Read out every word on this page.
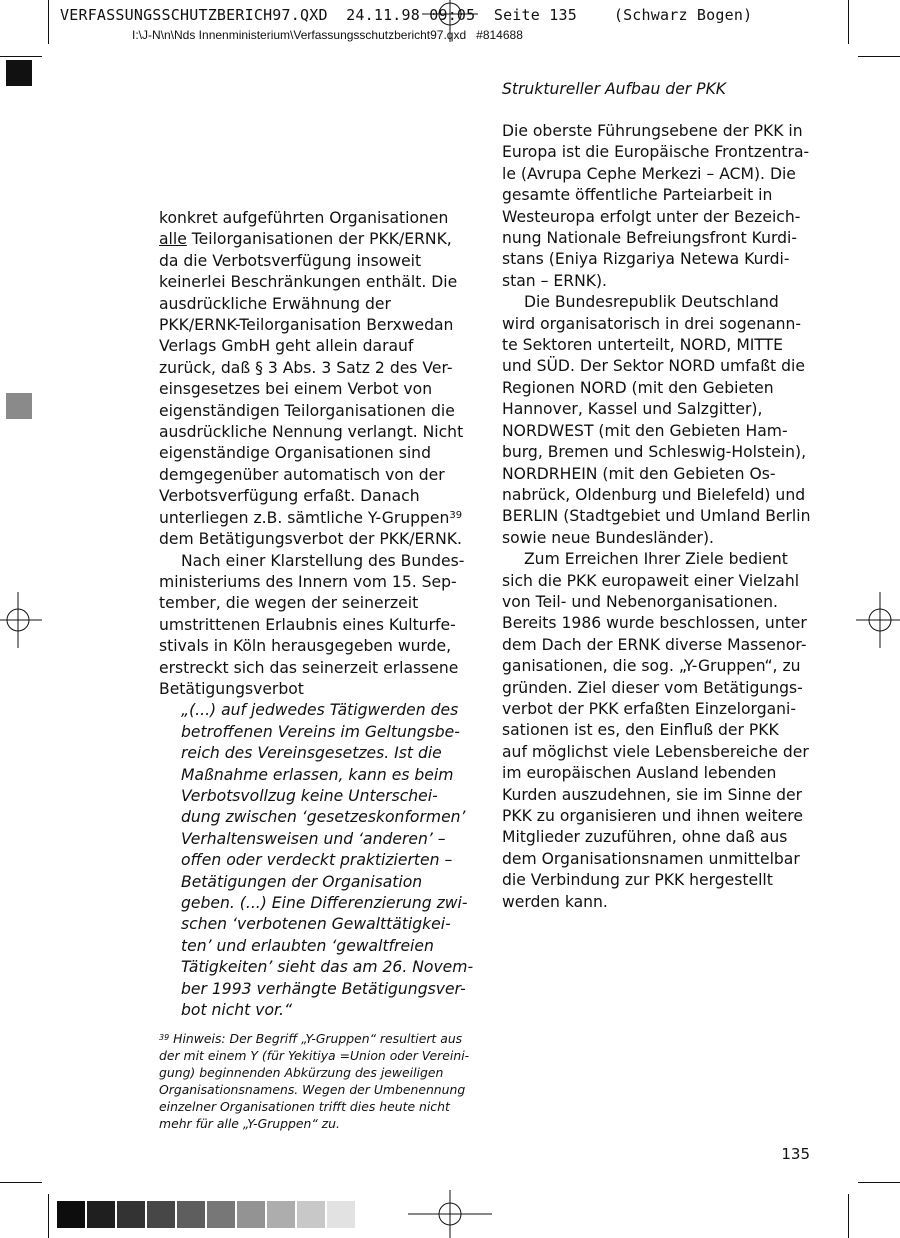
VERFASSUNGSSCHUTZBERICH97.QXD  24.11.98 09:05  Seite 135    (Schwarz Bogen)
I:\J-N\n\Nds Innenministerium\Verfassungsschutzbericht97.qxd   #814688

konkret aufgeführten Organisationen
alle Teilorganisationen der PKK/ERNK,
da die Verbotsverfügung insoweit
keinerlei Beschränkungen enthält. Die
ausdrückliche Erwähnung der
PKK/ERNK-Teilorganisation Berxwedan
Verlags GmbH geht allein darauf
zurück, daß § 3 Abs. 3 Satz 2 des Ver-
einsgesetzes bei einem Verbot von
eigenständigen Teilorganisationen die
ausdrückliche Nennung verlangt. Nicht
eigenständige Organisationen sind
demgegenüber automatisch von der
Verbotsverfügung erfaßt. Danach
unterliegen z.B. sämtliche Y-Gruppen$^{39}$
dem Betätigungsverbot der PKK/ERNK.

Nach einer Klarstellung des Bundes-

ministeriums des Innern vom 15. Sep-
tember, die wegen der seinerzeit
umstrittenen Erlaubnis eines Kulturfe-
stivals in Köln herausgegeben wurde,
erstreckt sich das seinerzeit erlassene
Betätigungsverbot

„(...) auf jedwedes Tätigwerden des
betroffenen Vereins im Geltungsbe-
reich des Vereinsgesetzes. Ist die
Maßnahme erlassen, kann es beim
Verbotsvollzug keine Unterschei-
dung zwischen ‘gesetzeskonformen’
Verhaltensweisen und ‘anderen’ –
offen oder verdeckt praktizierten –
Betätigungen der Organisation
geben. (...) Eine Differenzierung zwi-
schen ‘verbotenen Gewalttätigkei-
ten’ und erlaubten ‘gewaltfreien
Tätigkeiten’ sieht das am 26. Novem-
ber 1993 verhängte Betätigungsver-
bot nicht vor.“

$^{39}$ Hinweis: Der Begriff „Y-Gruppen“ resultiert aus
der mit einem Y (für Yekitiya =Union oder Vereini-
gung) beginnenden Abkürzung des jeweiligen
Organisationsnamens. Wegen der Umbenennung
einzelner Organisationen trifft dies heute nicht
mehr für alle „Y-Gruppen“ zu.
Struktureller Aufbau der PKK

Die oberste Führungsebene der PKK in
Europa ist die Europäische Frontzentra-
le (Avrupa Cephe Merkezi – ACM). Die
gesamte öffentliche Parteiarbeit in
Westeuropa erfolgt unter der Bezeich-
nung Nationale Befreiungsfront Kurdi-
stans (Eniya Rizgariya Netewa Kurdi-
stan – ERNK).

Die Bundesrepublik Deutschland
wird organisatorisch in drei sogenann-
te Sektoren unterteilt, NORD, MITTE
und SÜD. Der Sektor NORD umfaßt die
Regionen NORD (mit den Gebieten
Hannover, Kassel und Salzgitter),
NORDWEST (mit den Gebieten Ham-
burg, Bremen und Schleswig-Holstein),
NORDRHEIN (mit den Gebieten Os-
nabrück, Oldenburg und Bielefeld) und
BERLIN (Stadtgebiet und Umland Berlin
sowie neue Bundesländer).

Zum Erreichen Ihrer Ziele bedient
sich die PKK europaweit einer Vielzahl
von Teil- und Nebenorganisationen.
Bereits 1986 wurde beschlossen, unter
dem Dach der ERNK diverse Massenor-
ganisationen, die sog. „Y-Gruppen“, zu
gründen. Ziel dieser vom Betätigungs-
verbot der PKK erfaßten Einzelorgani-
sationen ist es, den Einfluß der PKK
auf möglichst viele Lebensbereiche der
im europäischen Ausland lebenden
Kurden auszudehnen, sie im Sinne der
PKK zu organisieren und ihnen weitere
Mitglieder zuzuführen, ohne daß aus
dem Organisationsnamen unmittelbar
die Verbindung zur PKK hergestellt
werden kann.

135
